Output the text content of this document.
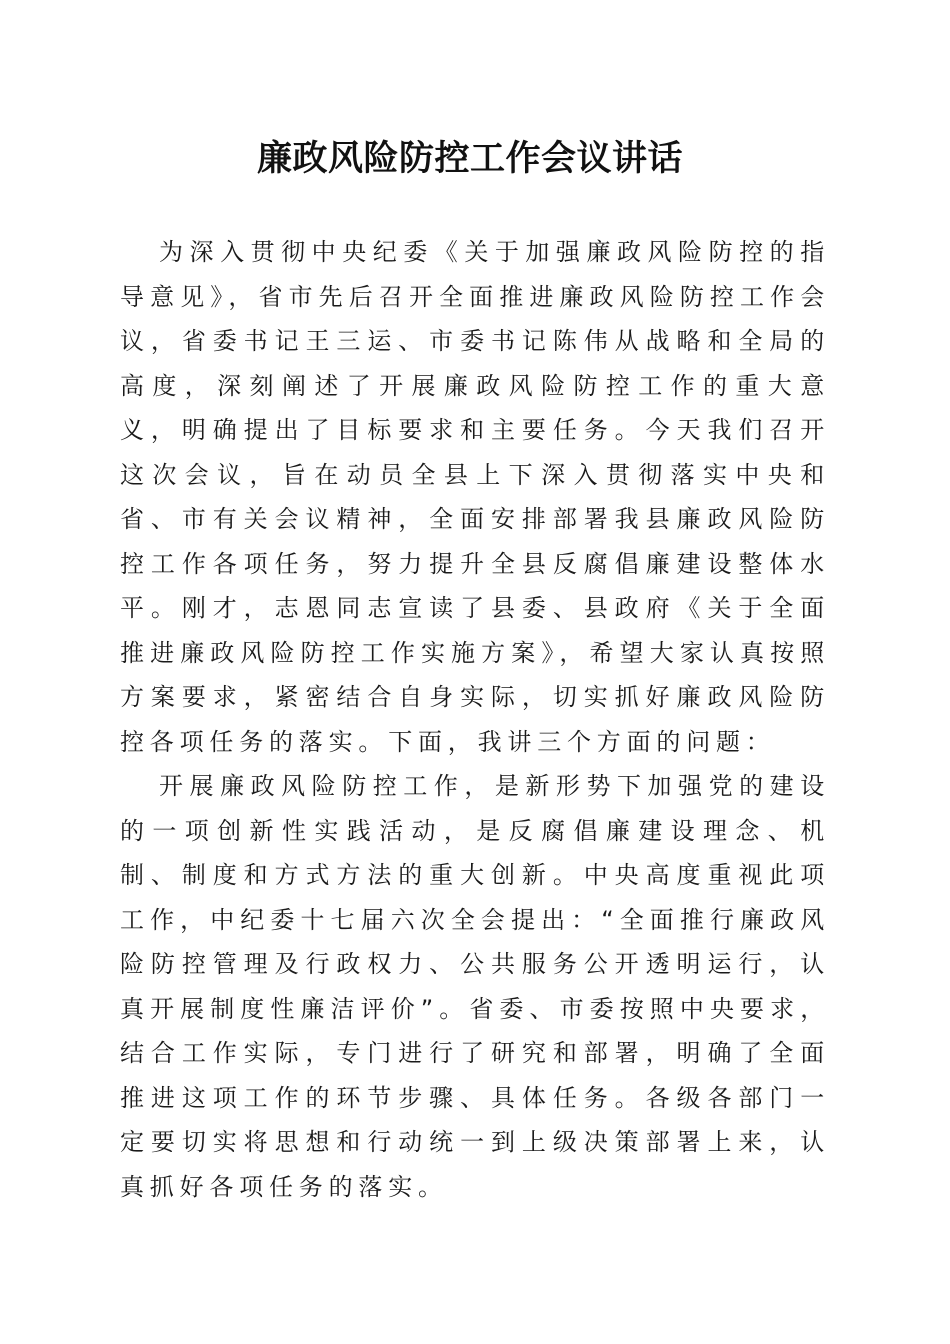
廉政风险防控工作会议讲话

为深入贯彻中央纪委《关于加强廉政风险防控的指导意见》，省市先后召开全面推进廉政风险防控工作会议，省委书记王三运、市委书记陈伟从战略和全局的高度，深刻阐述了开展廉政风险防控工作的重大意义，明确提出了目标要求和主要任务。今天我们召开这次会议，旨在动员全县上下深入贯彻落实中央和省、市有关会议精神，全面安排部署我县廉政风险防控工作各项任务，努力提升全县反腐倡廉建设整体水平。刚才，志恩同志宣读了县委、县政府《关于全面推进廉政风险防控工作实施方案》，希望大家认真按照方案要求，紧密结合自身实际，切实抓好廉政风险防控各项任务的落实。下面，我讲三个方面的问题：

开展廉政风险防控工作，是新形势下加强党的建设的一项创新性实践活动，是反腐倡廉建设理念、机制、制度和方式方法的重大创新。中央高度重视此项工作，中纪委十七届六次全会提出：“全面推行廉政风险防控管理及行政权力、公共服务公开透明运行，认真开展制度性廉洁评价”。省委、市委按照中央要求，结合工作实际，专门进行了研究和部署，明确了全面推进这项工作的环节步骤、具体任务。各级各部门一定要切实将思想和行动统一到上级决策部署上来，认真抓好各项任务的落实。
